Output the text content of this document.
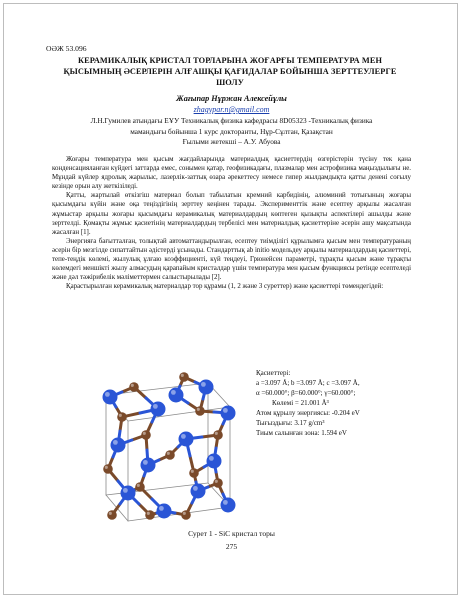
ОӘЖ 53.096
КЕРАМИКАЛЫҚ КРИСТАЛ ТОРЛАРЫНА ЖОҒАРҒЫ ТЕМПЕРАТУРА МЕН
ҚЫСЫМНЫҢ ӘСЕРЛЕРІН АЛҒАШҚЫ ҚАҒИДАЛАР БОЙЫНША ЗЕРТТЕУЛЕРГЕ
ШОЛУ
Жағыпар Нұржан Алексейұлы
zhagypar.n@gmail.com
Л.Н.Гумилев атындағы ЕҰУ Техникалық физика кафедрасы 8D05323 -Техникалық физика
мамандығы бойынша 1 курс докторанты, Нұр-Сұлтан, Қазақстан
Ғылыми жетекші – А.У. Абуова

Жоғары температура мен қысым жағдайларында материалдық қасиеттердің өзгерістерін түсіну тек қана конденсацияланған күйдегі заттарда емес, сонымен қатар, геофизикадағы, плазмалар мен астрофизика маңыздылығы не. Мұндай күйлер ядролық жарылыс, лазерлік-заттық өзара әрекеттесу немесе гипер жылдамдықта қатты денені соғылу кезінде орын алу жеткізіледі.

Қатты, жартылай өткізгіш материал болып табылатын кремний карбидінің, алюминий тотығының жоғары қысымдағы күйін және оқа теңіздігінің зерттеу кеңінен тарады. Эксперименттік және есептеу арқылы жасалған жұмыстар арқылы жоғары қысымдағы керамикалық материалдардың көптеген қызықты аспектілері ашылды және зерттелді. Қомақты жұмыс қасиетінің материалдардың тербелісі мен материалдық қасиеттеріне әсерін ашу мақсатында жасалған [1].

Энергияға бағытталған, толықтай автоматтандырылған, есептеу тиімділігі құрылымға қысым мен температураның әсерін бір мезгілде сипаттайтын әдістерді ұсынады. Стандарттық ab initio модельдеу арқылы материалдардың қасиеттері, тепе-теңдік көлемі, жылулық ұлғаю коэффициенті, күй теңдеуі, Грюнейсен параметрі, тұрақты қысым және тұрақты көлемдегі меншікті жылу алмасудың қарапайым кристалдар үшін температура мен қысым функциясы ретінде есептеледі және дәл тәжірибелік мәліметтермен салыстырылады [2].

Қарастырылған керамикалық материалдар тор құрамы (1, 2 және 3 суреттер) және қасиеттері төмендегідей:

Қасиеттері:
a =3.097 Å; b =3.097 Å; c =3.097 Å,
α =60.000°; β=60.000°; γ=60.000°;
Көлемі = 21.001 Å³
Атом құрылу энергиясы: -0.204 eV
Тығыздығы: 3.17 g/cm³
Тиым салынған зона: 1.594 eV
Сурет 1 - SiC кристал торы
275
